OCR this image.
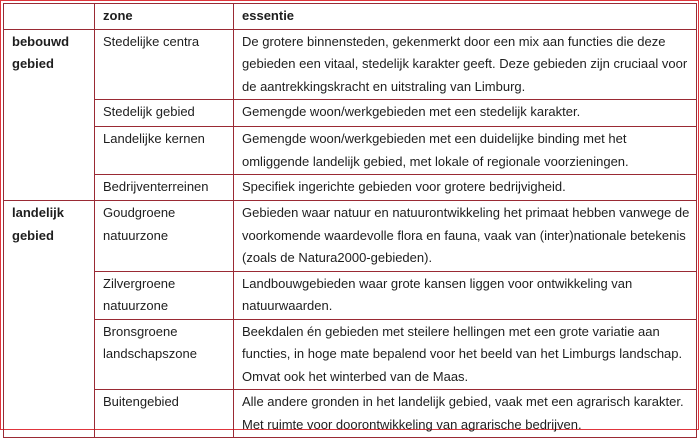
	zone	essentie
bebouwd gebied	Stedelijke centra	De grotere binnensteden, gekenmerkt door een mix aan functies die deze gebieden een vitaal, stedelijk karakter geeft. Deze gebieden zijn cruciaal voor de aantrekkingskracht en uitstraling van Limburg.
	Stedelijk gebied	Gemengde woon/werkgebieden met een stedelijk karakter.
	Landelijke kernen	Gemengde woon/werkgebieden met een duidelijke binding met het omliggende landelijk gebied, met lokale of regionale voorzieningen.
	Bedrijventerreinen	Specifiek ingerichte gebieden voor grotere bedrijvigheid.
landelijk gebied	Goudgroene natuurzone	Gebieden waar natuur en natuurontwikkeling het primaat hebben vanwege de voorkomende waardevolle flora en fauna, vaak van (inter)nationale betekenis (zoals de Natura2000-gebieden).
	Zilvergroene natuurzone	Landbouwgebieden waar grote kansen liggen voor ontwikkeling van natuurwaarden.
	Bronsgroene landschapszone	Beekdalen én gebieden met steilere hellingen met een grote variatie aan functies, in hoge mate bepalend voor het beeld van het Limburgs landschap. Omvat ook het winterbed van de Maas.
	Buitengebied	Alle andere gronden in het landelijk gebied, vaak met een agrarisch karakter. Met ruimte voor doorontwikkeling van agrarische bedrijven.
